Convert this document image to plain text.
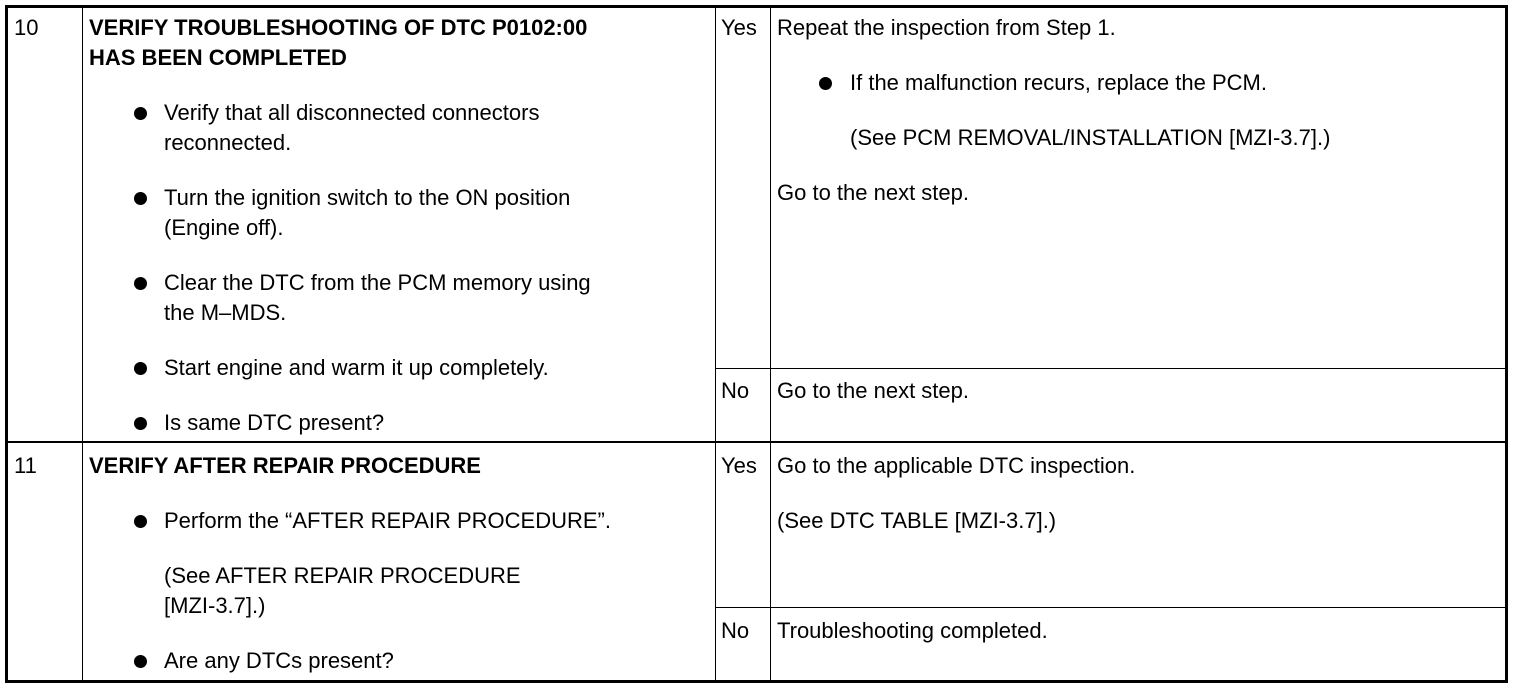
10 VERIFY TROUBLESHOOTING OF DTC P0102:00
HAS BEEN COMPLETED
Verify that all disconnected connectors
reconnected.
Turn the ignition switch to the ON position
(Engine off).
Clear the DTC from the PCM memory using
the M–MDS.
Start engine and warm it up completely.
Is same DTC present?
Yes Repeat the inspection from Step 1.
If the malfunction recurs, replace the PCM.
(See PCM REMOVAL/INSTALLATION [MZI-3.7].)
Go to the next step.
No Go to the next step.
11 VERIFY AFTER REPAIR PROCEDURE
Perform the “AFTER REPAIR PROCEDURE”.
(See AFTER REPAIR PROCEDURE
[MZI-3.7].)
Are any DTCs present?
Yes Go to the applicable DTC inspection.
(See DTC TABLE [MZI-3.7].)
No Troubleshooting completed.
